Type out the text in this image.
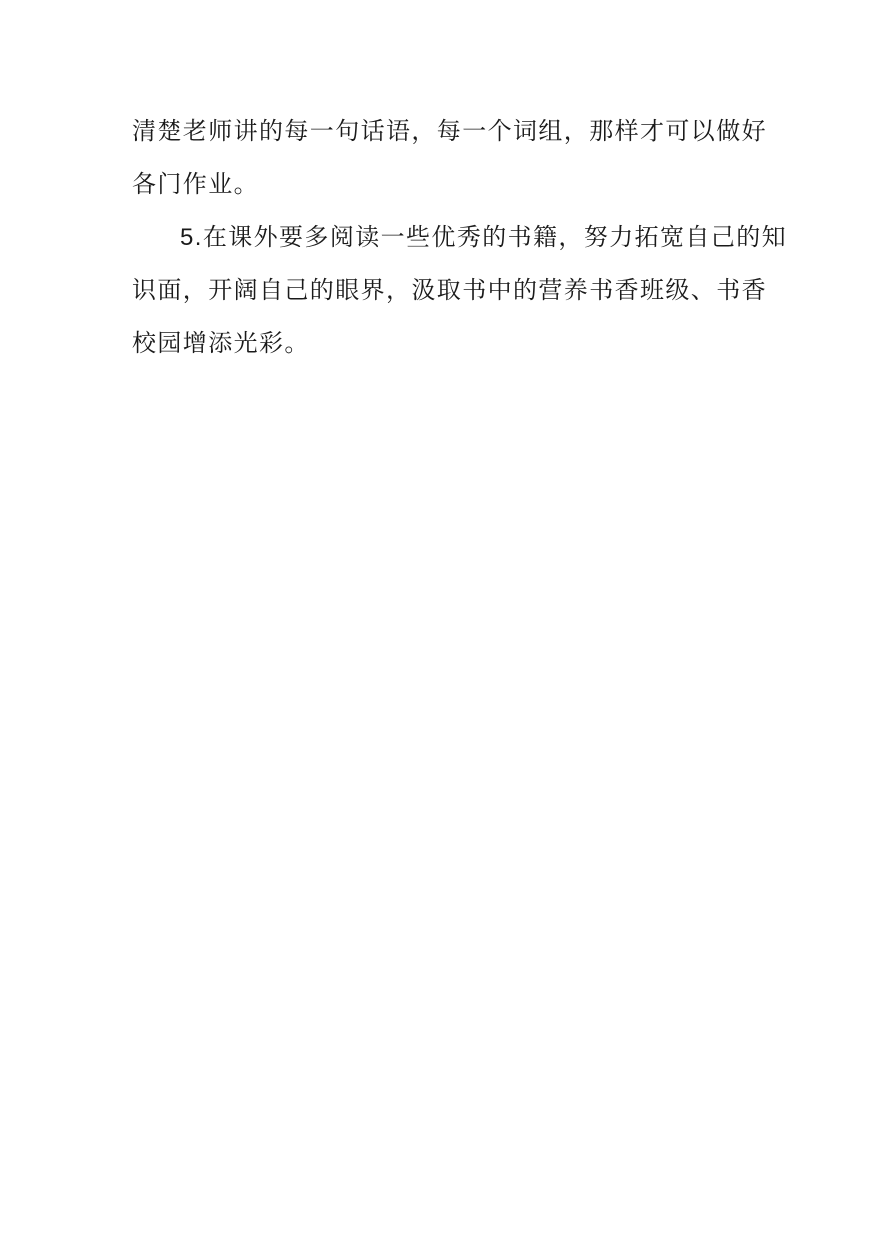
清楚老师讲的每一句话语，每一个词组，那样才可以做好
各门作业。
5.在课外要多阅读一些优秀的书籍，努力拓宽自己的知
识面，开阔自己的眼界，汲取书中的营养书香班级、书香
校园增添光彩。
